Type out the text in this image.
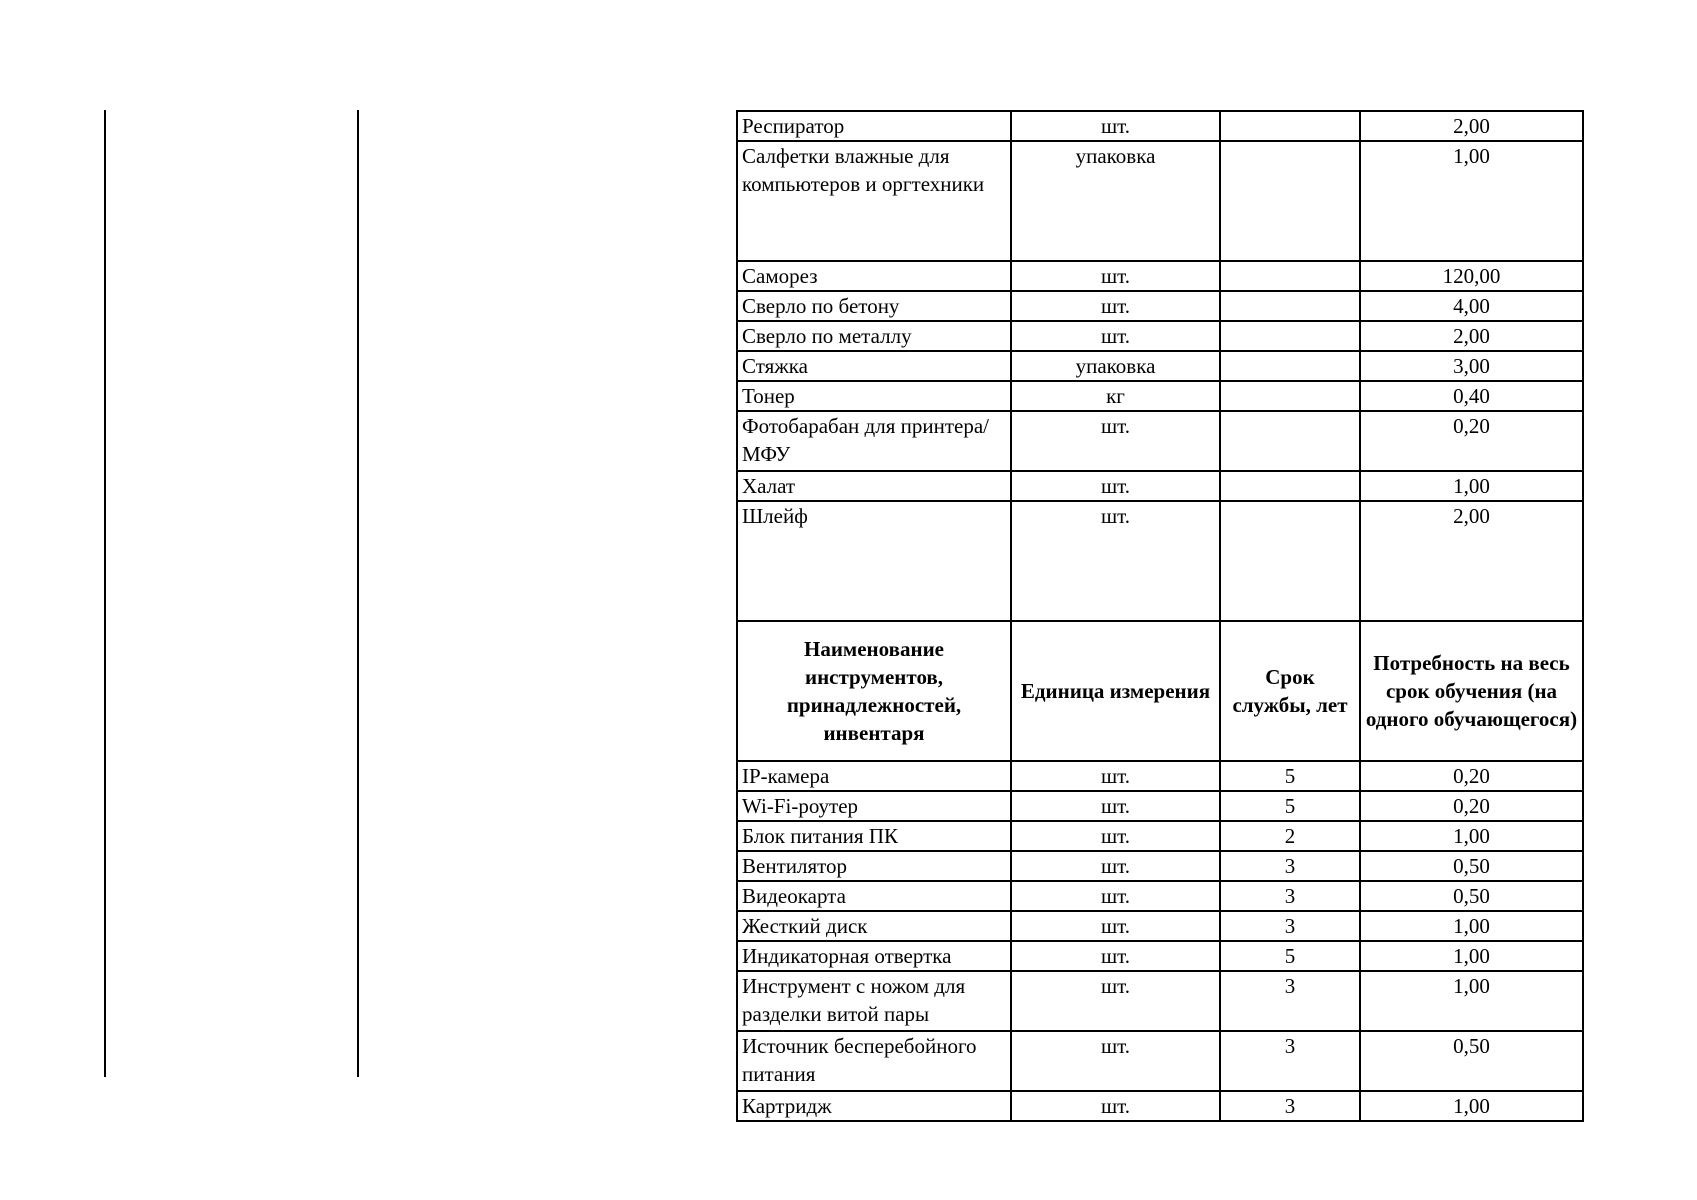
Респиратор	шт.		2,00
Салфетки влажные для компьютеров и оргтехники	упаковка		1,00
Саморез	шт.		120,00
Сверло по бетону	шт.		4,00
Сверло по металлу	шт.		2,00
Стяжка	упаковка		3,00
Тонер	кг		0,40
Фотобарабан для принтера/МФУ	шт.		0,20
Халат	шт.		1,00
Шлейф	шт.		2,00
Наименование инструментов, принадлежностей, инвентаря	Единица измерения	Срок службы, лет	Потребность на весь срок обучения (на одного обучающегося)
IP-камера	шт.	5	0,20
Wi-Fi-роутер	шт.	5	0,20
Блок питания ПК	шт.	2	1,00
Вентилятор	шт.	3	0,50
Видеокарта	шт.	3	0,50
Жесткий диск	шт.	3	1,00
Индикаторная отвертка	шт.	5	1,00
Инструмент с ножом для разделки витой пары	шт.	3	1,00
Источник бесперебойного питания	шт.	3	0,50
Картридж	шт.	3	1,00
